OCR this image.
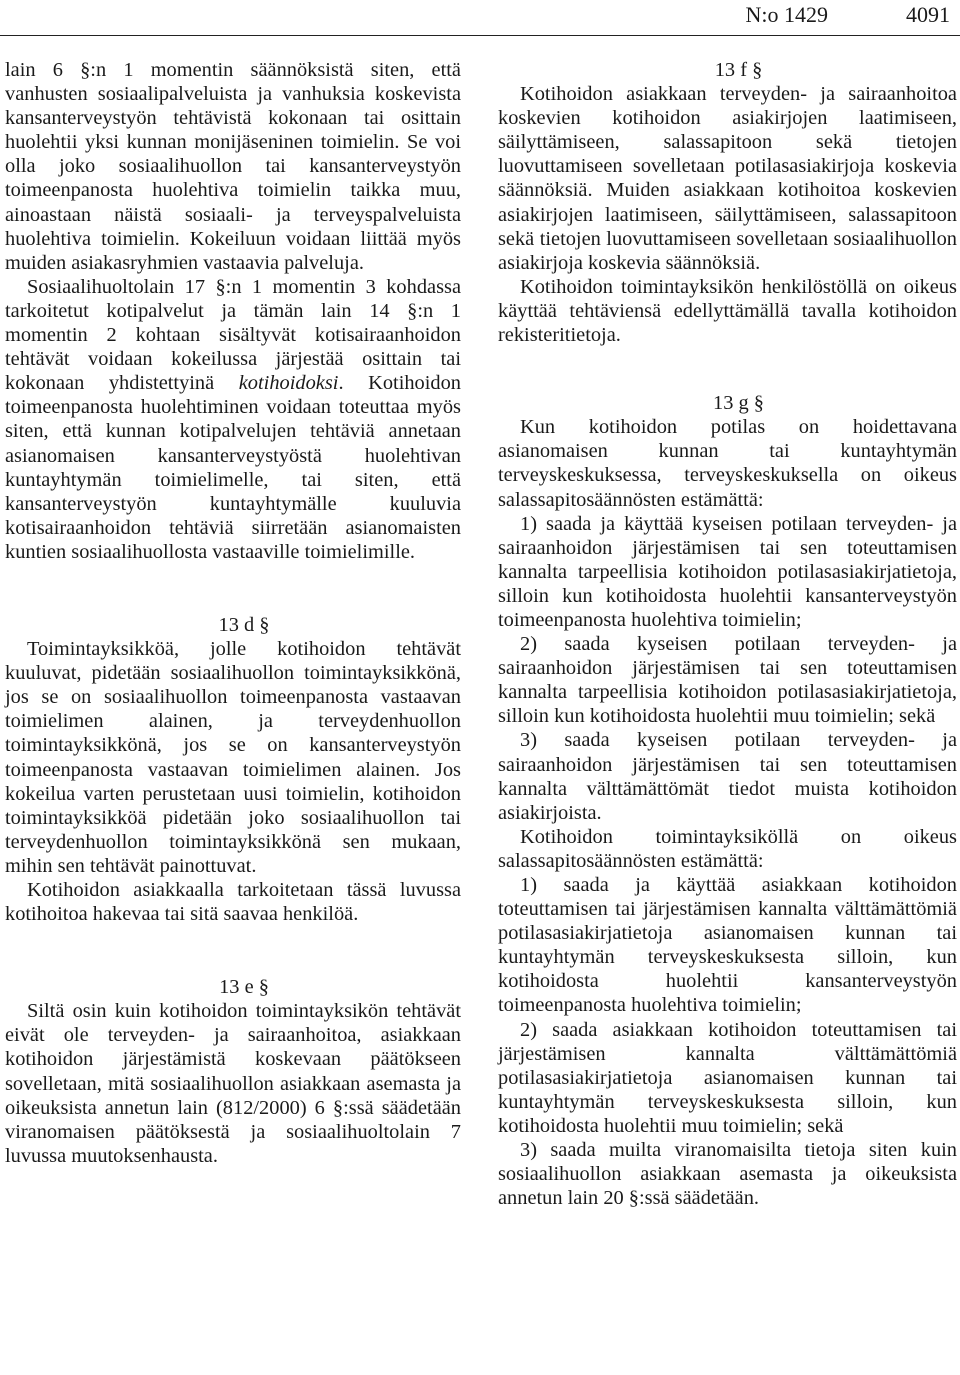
N:o 1429	4091

lain 6 §:n 1 momentin säännöksistä siten, että vanhusten sosiaalipalveluista ja vanhuksia koskevista kansanterveystyön tehtävistä kokonaan tai osittain huolehtii yksi kunnan monijäseninen toimielin. Se voi olla joko sosiaalihuollon tai kansanterveystyön toimeenpanosta huolehtiva toimielin taikka muu, ainoastaan näistä sosiaali- ja terveyspalveluista huolehtiva toimielin. Kokeiluun voidaan liittää myös muiden asiakasryhmien vastaavia palveluja.

Sosiaalihuoltolain 17 §:n 1 momentin 3 kohdassa tarkoitetut kotipalvelut ja tämän lain 14 §:n 1 momentin 2 kohtaan sisältyvät kotisairaanhoidon tehtävät voidaan kokeilussa järjestää osittain tai kokonaan yhdistettyinä kotihoidoksi. Kotihoidon toimeenpanosta huolehtiminen voidaan toteuttaa myös siten, että kunnan kotipalvelujen tehtäviä annetaan asianomaisen kansanterveystyöstä huolehtivan kuntayhtymän toimielimelle, tai siten, että kansanterveystyön kuntayhtymälle kuuluvia kotisairaanhoidon tehtäviä siirretään asianomaisten kuntien sosiaalihuollosta vastaaville toimielimille.

13 d §

Toimintayksikköä, jolle kotihoidon tehtävät kuuluvat, pidetään sosiaalihuollon toimintayksikkönä, jos se on sosiaalihuollon toimeenpanosta vastaavan toimielimen alainen, ja terveydenhuollon toimintayksikkönä, jos se on kansanterveystyön toimeenpanosta vastaavan toimielimen alainen. Jos kokeilua varten perustetaan uusi toimielin, kotihoidon toimintayksikköä pidetään joko sosiaalihuollon tai terveydenhuollon toimintayksikkönä sen mukaan, mihin sen tehtävät painottuvat.

Kotihoidon asiakkaalla tarkoitetaan tässä luvussa kotihoitoa hakevaa tai sitä saavaa henkilöä.

13 e §

Siltä osin kuin kotihoidon toimintayksikön tehtävät eivät ole terveyden- ja sairaanhoitoa, asiakkaan kotihoidon järjestämistä koskevaan päätökseen sovelletaan, mitä sosiaalihuollon asiakkaan asemasta ja oikeuksista annetun lain (812/2000) 6 §:ssä säädetään viranomaisen päätöksestä ja sosiaalihuoltolain 7 luvussa muutoksenhausta.

13 f §

Kotihoidon asiakkaan terveyden- ja sairaanhoitoa koskevien kotihoidon asiakirjojen laatimiseen, säilyttämiseen, salassapitoon sekä tietojen luovuttamiseen sovelletaan potilasasiakirjoja koskevia säännöksiä. Muiden asiakkaan kotihoitoa koskevien asiakirjojen laatimiseen, säilyttämiseen, salassapitoon sekä tietojen luovuttamiseen sovelletaan sosiaalihuollon asiakirjoja koskevia säännöksiä.

Kotihoidon toimintayksikön henkilöstöllä on oikeus käyttää tehtäviensä edellyttämällä tavalla kotihoidon rekisteritietoja.

13 g §

Kun kotihoidon potilas on hoidettavana asianomaisen kunnan tai kuntayhtymän terveyskeskuksessa, terveyskeskuksella on oikeus salassapitosäännösten estämättä:

1) saada ja käyttää kyseisen potilaan terveyden- ja sairaanhoidon järjestämisen tai sen toteuttamisen kannalta tarpeellisia kotihoidon potilasasiakirjatietoja, silloin kun kotihoidosta huolehtii kansanterveystyön toimeenpanosta huolehtiva toimielin;

2) saada kyseisen potilaan terveyden- ja sairaanhoidon järjestämisen tai sen toteuttamisen kannalta tarpeellisia kotihoidon potilasasiakirjatietoja, silloin kun kotihoidosta huolehtii muu toimielin; sekä

3) saada kyseisen potilaan terveyden- ja sairaanhoidon järjestämisen tai sen toteuttamisen kannalta välttämättömät tiedot muista kotihoidon asiakirjoista.

Kotihoidon toimintayksiköllä on oikeus salassapitosäännösten estämättä:

1) saada ja käyttää asiakkaan kotihoidon toteuttamisen tai järjestämisen kannalta välttämättömiä potilasasiakirjatietoja asianomaisen kunnan tai kuntayhtymän terveyskeskuksesta silloin, kun kotihoidosta huolehtii kansanterveystyön toimeenpanosta huolehtiva toimielin;

2) saada asiakkaan kotihoidon toteuttamisen tai järjestämisen kannalta välttämättömiä potilasasiakirjatietoja asianomaisen kunnan tai kuntayhtymän terveyskeskuksesta silloin, kun kotihoidosta huolehtii muu toimielin; sekä

3) saada muilta viranomaisilta tietoja siten kuin sosiaalihuollon asiakkaan asemasta ja oikeuksista annetun lain 20 §:ssä säädetään.
